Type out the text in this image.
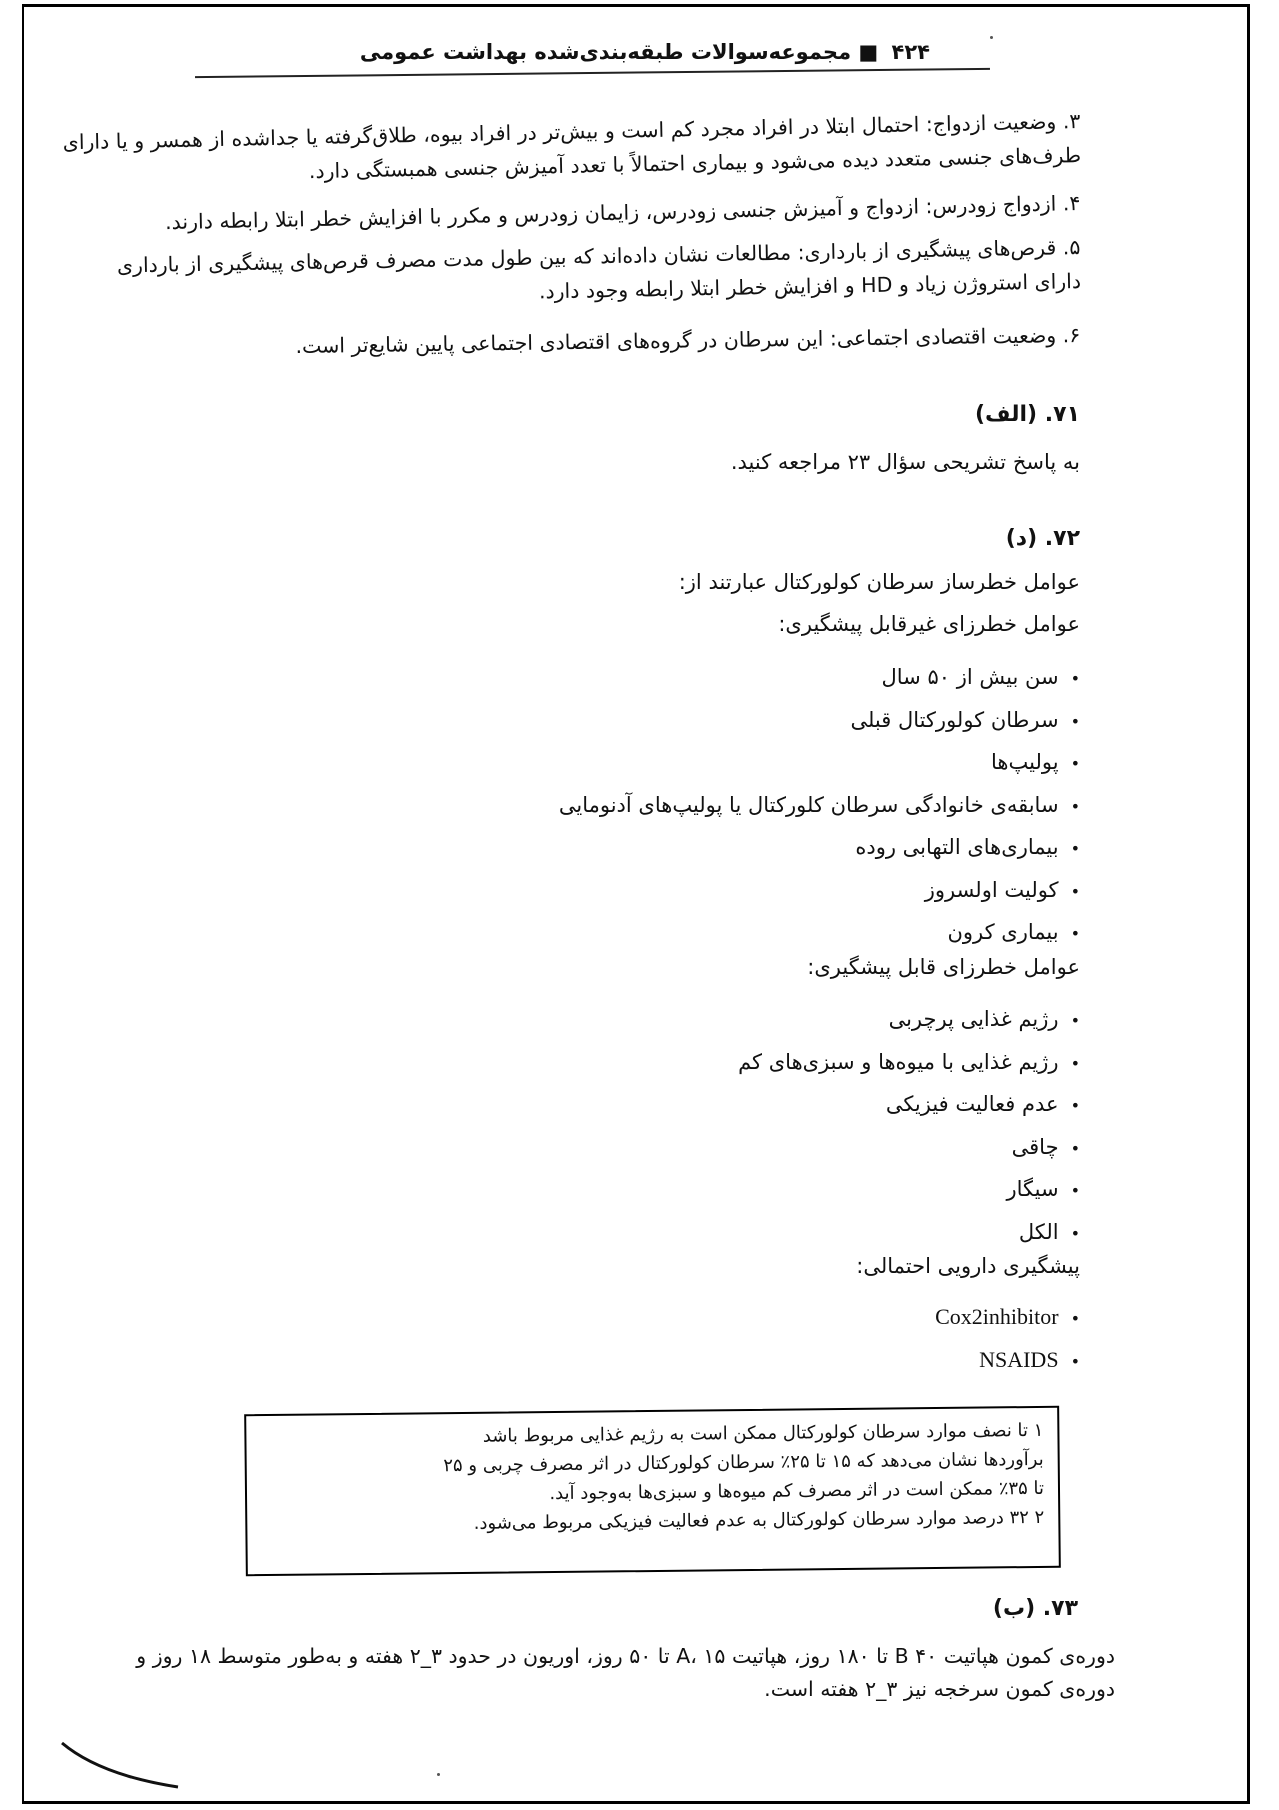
۴۲۴ ■ مجموعه‌سوالات طبقه‌بندی‌شده بهداشت عمومی
۳. وضعیت ازدواج: احتمال ابتلا در افراد مجرد کم است و بیش‌تر در افراد بیوه، طلاق‌گرفته یا جداشده از همسر و یا دارای
طرف‌های جنسی متعدد دیده می‌شود و بیماری احتمالاً با تعدد آمیزش جنسی همبستگی دارد.
۴. ازدواج زودرس: ازدواج و آمیزش جنسی زودرس، زایمان زودرس و مکرر با افزایش خطر ابتلا رابطه دارند.
۵. قرص‌های پیشگیری از بارداری: مطالعات نشان داده‌اند که بین طول مدت مصرف قرص‌های پیشگیری از بارداری
دارای استروژن زیاد و HD و افزایش خطر ابتلا رابطه وجود دارد.
۶. وضعیت اقتصادی اجتماعی: این سرطان در گروه‌های اقتصادی اجتماعی پایین شایع‌تر است.
۷۱. (الف)
به پاسخ تشریحی سؤال ۲۳ مراجعه کنید.
۷۲. (د)
عوامل خطرساز سرطان کولورکتال عبارتند از:
عوامل خطرزای غیرقابل پیشگیری:
•سن بیش از ۵۰ سال
•سرطان کولورکتال قبلی
•پولیپ‌ها
•سابقه‌ی خانوادگی سرطان کلورکتال یا پولیپ‌های آدنومایی
•بیماری‌های التهابی روده
•کولیت اولسروز
•بیماری کرون
عوامل خطرزای قابل پیشگیری:
•رژیم غذایی پرچربی
•رژیم غذایی با میوه‌ها و سبزی‌های کم
•عدم فعالیت فیزیکی
•چاقی
•سیگار
•الکل
پیشگیری دارویی احتمالی:
•Cox2inhibitor
•NSAIDS
۱ تا نصف موارد سرطان کولورکتال ممکن است به رژیم غذایی مربوط باشد
برآوردها نشان می‌دهد که ۱۵ تا ۲۵٪ سرطان کولورکتال در اثر مصرف چربی و ۲۵
تا ۳۵٪ ممکن است در اثر مصرف کم میوه‌ها و سبزی‌ها به‌وجود آید.
۲ ۳۲ درصد موارد سرطان کولورکتال به عدم فعالیت فیزیکی مربوط می‌شود.
۷۳. (ب)
دوره‌ی کمون هپاتیت B ۴۰ تا ۱۸۰ روز، هپاتیت A، ۱۵ تا ۵۰ روز، اوریون در حدود ۳_۲ هفته و به‌طور متوسط ۱۸ روز و
دوره‌ی کمون سرخجه نیز ۳_۲ هفته است.
